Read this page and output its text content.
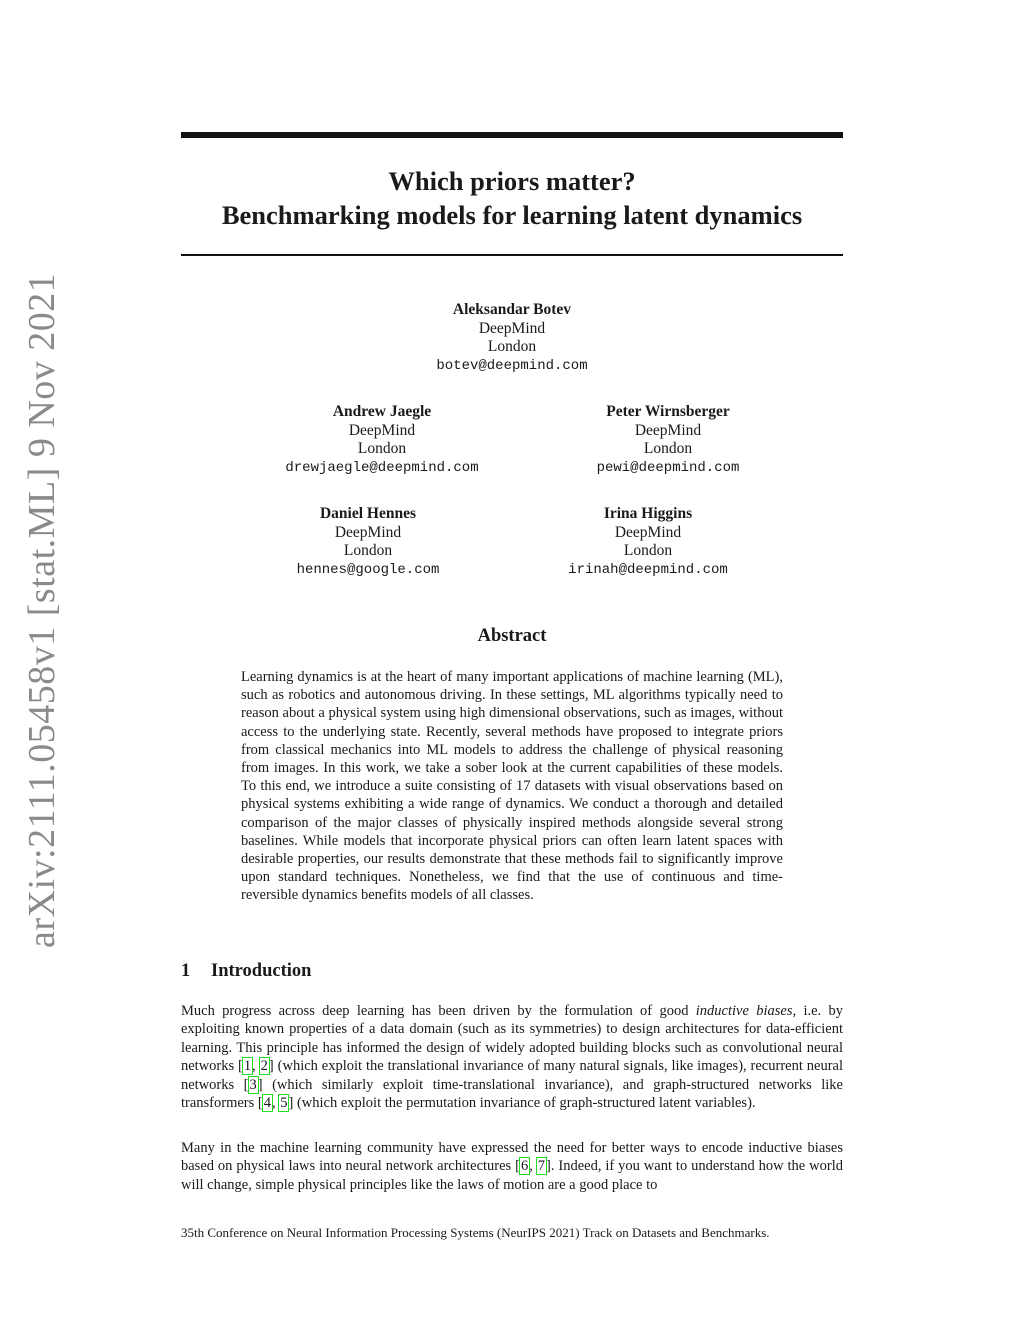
arXiv:2111.05458v1 [stat.ML] 9 Nov 2021
Which priors matter?
Benchmarking models for learning latent dynamics
Aleksandar Botev
DeepMind
London
botev@deepmind.com
Andrew Jaegle
DeepMind
London
drewjaegle@deepmind.com
Peter Wirnsberger
DeepMind
London
pewi@deepmind.com
Daniel Hennes
DeepMind
London
hennes@google.com
Irina Higgins
DeepMind
London
irinah@deepmind.com
Abstract

Learning dynamics is at the heart of many important applications of machine learning (ML), such as robotics and autonomous driving. In these settings, ML algorithms typically need to reason about a physical system using high dimensional observations, such as images, without access to the underlying state. Recently, several methods have proposed to integrate priors from classical mechanics into ML models to address the challenge of physical reasoning from images. In this work, we take a sober look at the current capabilities of these models. To this end, we introduce a suite consisting of 17 datasets with visual observations based on physical systems exhibiting a wide range of dynamics. We conduct a thorough and detailed comparison of the major classes of physically inspired methods alongside several strong baselines. While models that incorporate physical priors can often learn latent spaces with desirable properties, our results demonstrate that these methods fail to significantly improve upon standard techniques. Nonetheless, we find that the use of continuous and time-reversible dynamics benefits models of all classes.

1 Introduction

Much progress across deep learning has been driven by the formulation of good inductive biases, i.e. by exploiting known properties of a data domain (such as its symmetries) to design architectures for data-efficient learning. This principle has informed the design of widely adopted building blocks such as convolutional neural networks [1, 2] (which exploit the translational invariance of many natural signals, like images), recurrent neural networks [3] (which similarly exploit time-translational invariance), and graph-structured networks like transformers [4, 5] (which exploit the permutation invariance of graph-structured latent variables).

Many in the machine learning community have expressed the need for better ways to encode inductive biases based on physical laws into neural network architectures [6, 7]. Indeed, if you want to understand how the world will change, simple physical principles like the laws of motion are a good place to

35th Conference on Neural Information Processing Systems (NeurIPS 2021) Track on Datasets and Benchmarks.
